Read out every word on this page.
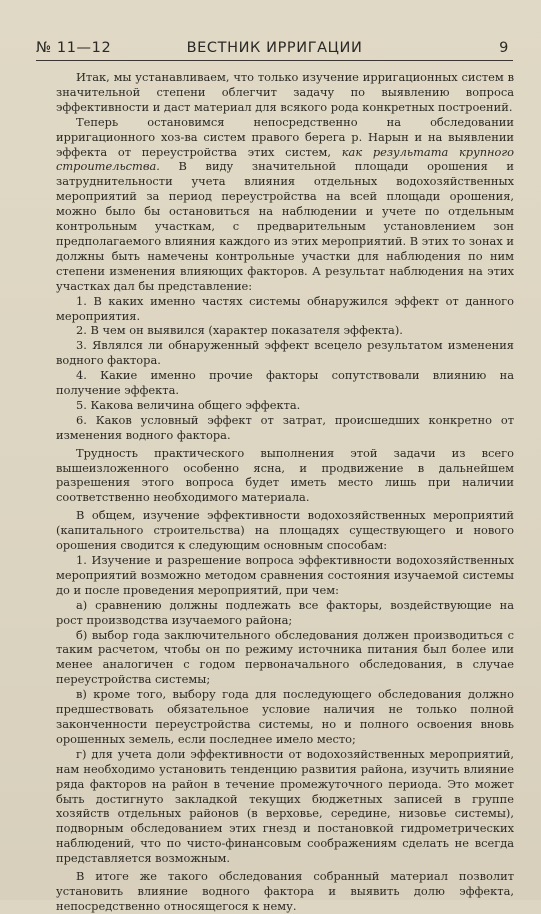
№ 11—12	ВЕСТНИК ИРРИГАЦИИ	9

Итак, мы устанавливаем, что только изучение ирригационных систем в значительной степени облегчит задачу по выявлению вопроса эффективности и даст материал для всякого рода конкретных построений.

Теперь остановимся непосредственно на обследовании ирригационного хоз-ва систем правого берега р. Нарын и на выявлении эффекта от переустройства этих систем, как результата крупного строительства. В виду значительной площади орошения и затруднительности учета влияния отдельных водохозяйственных мероприятий за период переустройства на всей площади орошения, можно было бы остановиться на наблюдении и учете по отдельным контрольным участкам, с предварительным установлением зон предполагаемого влияния каждого из этих мероприятий. В этих то зонах и должны быть намечены контрольные участки для наблюдения по ним степени изменения влияющих факторов. А результат наблюдения на этих участках дал бы представление:

1. В каких именно частях системы обнаружился эффект от данного мероприятия.

2. В чем он выявился (характер показателя эффекта).

3. Являлся ли обнаруженный эффект всецело результатом изменения водного фактора.

4. Какие именно прочие факторы сопутствовали влиянию на получение эффекта.

5. Какова величина общего эффекта.

6. Каков условный эффект от затрат, происшедших конкретно от изменения водного фактора.

Трудность практического выполнения этой задачи из всего вышеизложенного особенно ясна, и продвижение в дальнейшем разрешения этого вопроса будет иметь место лишь при наличии соответственно необходимого материала.

В общем, изучение эффективности водохозяйственных мероприятий (капитального строительства) на площадях существующего и нового орошения сводится к следующим основным способам:

1. Изучение и разрешение вопроса эффективности водохозяйственных мероприятий возможно методом сравнения состояния изучаемой системы до и после проведения мероприятий, при чем:

а) сравнению должны подлежать все факторы, воздействующие на рост производства изучаемого района;

б) выбор года заключительного обследования должен производиться с таким расчетом, чтобы он по режиму источника питания был более или менее аналогичен с годом первоначального обследования, в случае переустройства системы;

в) кроме того, выбору года для последующего обследования должно предшествовать обязательное условие наличия не только полной законченности переустройства системы, но и полного освоения вновь орошенных земель, если последнее имело место;

г) для учета доли эффективности от водохозяйственных мероприятий, нам необходимо установить тенденцию развития района, изучить влияние ряда факторов на район в течение промежуточного периода. Это может быть достигнуто закладкой текущих бюджетных записей в группе хозяйств отдельных районов (в верховье, середине, низовье системы), подворным обследованием этих гнезд и постановкой гидрометрических наблюдений, что по чисто-финансовым соображениям сделать не всегда представляется возможным.

В итоге же такого обследования собранный материал позволит установить влияние водного фактора и выявить долю эффекта, непосредственно относящегося к нему.
